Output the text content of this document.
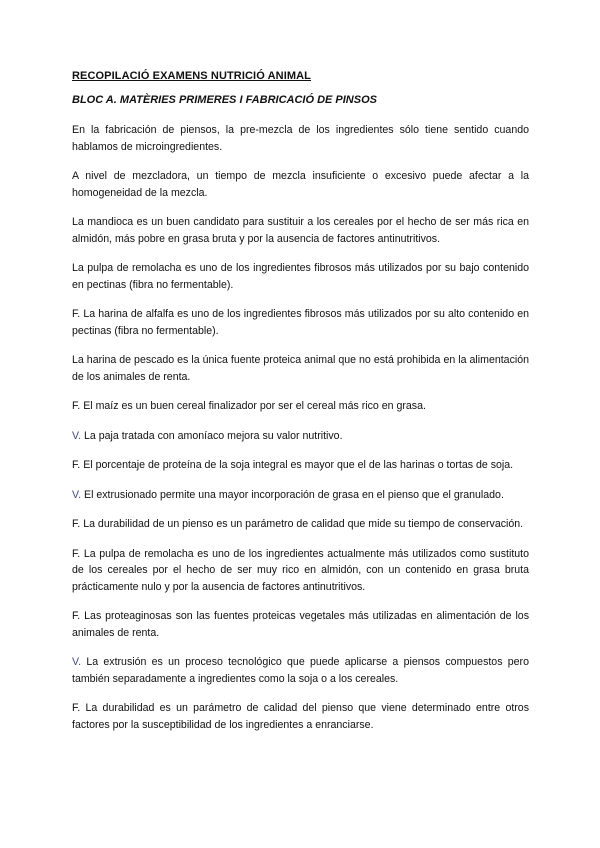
RECOPILACIÓ EXAMENS NUTRICIÓ ANIMAL
BLOC A. MATÈRIES PRIMERES I FABRICACIÓ DE PINSOS
En la fabricación de piensos, la pre-mezcla de los ingredientes sólo tiene sentido cuando hablamos de microingredientes.
A nivel de mezcladora, un tiempo de mezcla insuficiente o excesivo puede afectar a la homogeneidad de la mezcla.
La mandioca es un buen candidato para sustituir a los cereales por el hecho de ser más rica en almidón, más pobre en grasa bruta y por la ausencia de factores antinutritivos.
La pulpa de remolacha es uno de los ingredientes fibrosos más utilizados por su bajo contenido en pectinas (fibra no fermentable).
F. La harina de alfalfa es uno de los ingredientes fibrosos más utilizados por su alto contenido en pectinas (fibra no fermentable).
La harina de pescado es la única fuente proteica animal que no está prohibida en la alimentación de los animales de renta.
F. El maíz es un buen cereal finalizador por ser el cereal más rico en grasa.
V. La paja tratada con amoníaco mejora su valor nutritivo.
F. El porcentaje de proteína de la soja integral es mayor que el de las harinas o tortas de soja.
V. El extrusionado permite una mayor incorporación de grasa en el pienso que el granulado.
F. La durabilidad de un pienso es un parámetro de calidad que mide su tiempo de conservación.
F. La pulpa de remolacha es uno de los ingredientes actualmente más utilizados como sustituto de los cereales por el hecho de ser muy rico en almidón, con un contenido en grasa bruta prácticamente nulo y por la ausencia de factores antinutritivos.
F. Las proteaginosas son las fuentes proteicas vegetales más utilizadas en alimentación de los animales de renta.
V. La extrusión es un proceso tecnológico que puede aplicarse a piensos compuestos pero también separadamente a ingredientes como la soja o a los cereales.
F. La durabilidad es un parámetro de calidad del pienso que viene determinado entre otros factores por la susceptibilidad de los ingredientes a enranciarse.
